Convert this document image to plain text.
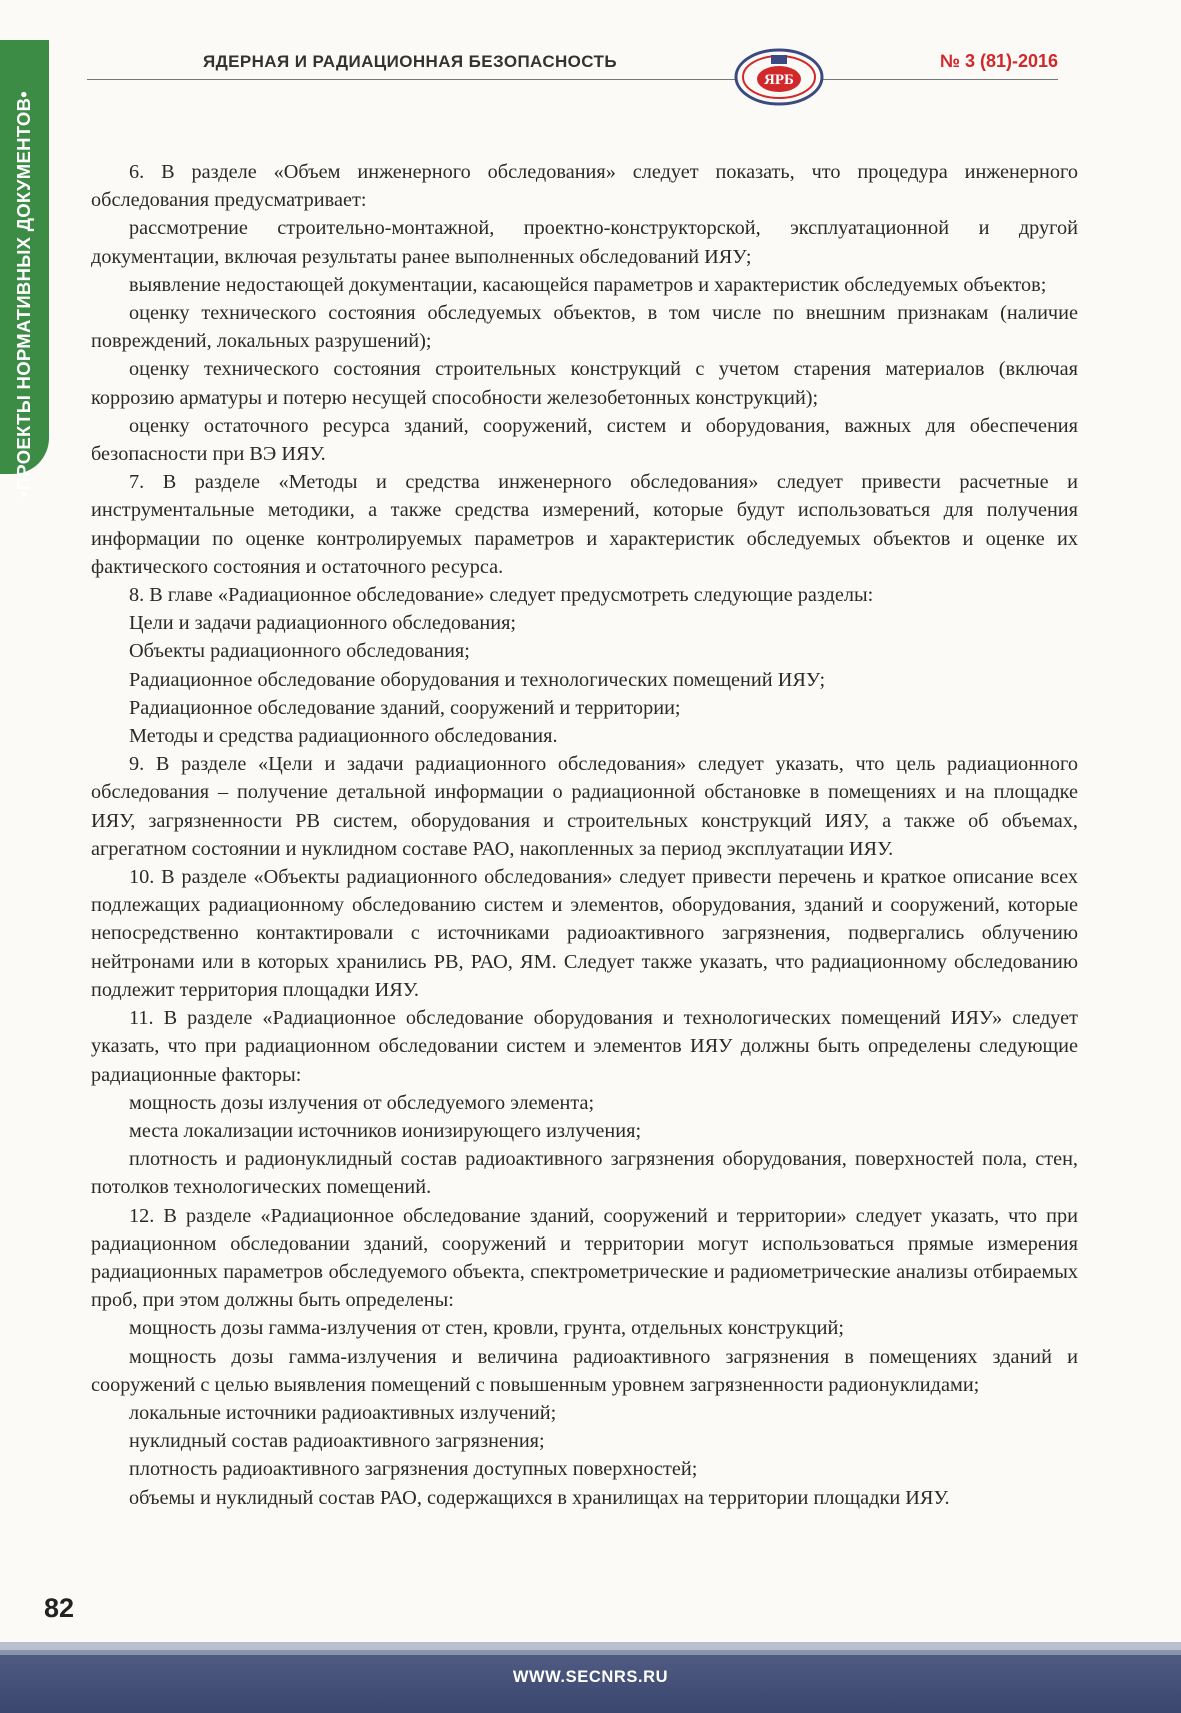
•ПРОЕКТЫ НОРМАТИВНЫХ ДОКУМЕНТОВ•
ЯДЕРНАЯ И РАДИАЦИОННАЯ БЕЗОПАСНОСТЬ
ЯРБ
№ 3 (81)-2016

6. В разделе «Объем инженерного обследования» следует показать, что процедура инженерного обследования предусматривает:

рассмотрение строительно-монтажной, проектно-конструкторской, эксплуатационной и другой документации, включая результаты ранее выполненных обследований ИЯУ;

выявление недостающей документации, касающейся параметров и характеристик обследуемых объектов;

оценку технического состояния обследуемых объектов, в том числе по внешним признакам (наличие повреждений, локальных разрушений);

оценку технического состояния строительных конструкций с учетом старения материалов (включая коррозию арматуры и потерю несущей способности железобетонных конструкций);

оценку остаточного ресурса зданий, сооружений, систем и оборудования, важных для обеспечения безопасности при ВЭ ИЯУ.

7. В разделе «Методы и средства инженерного обследования» следует привести расчетные и инструментальные методики, а также средства измерений, которые будут использоваться для получения информации по оценке контролируемых параметров и характеристик обследуемых объектов и оценке их фактического состояния и остаточного ресурса.

8. В главе «Радиационное обследование» следует предусмотреть следующие разделы:

Цели и задачи радиационного обследования;

Объекты радиационного обследования;

Радиационное обследование оборудования и технологических помещений ИЯУ;

Радиационное обследование зданий, сооружений и территории;

Методы и средства радиационного обследования.

9. В разделе «Цели и задачи радиационного обследования» следует указать, что цель радиационного обследования – получение детальной информации о радиационной обстановке в помещениях и на площадке ИЯУ, загрязненности РВ систем, оборудования и строительных конструкций ИЯУ, а также об объемах, агрегатном состоянии и нуклидном составе РАО, накопленных за период эксплуатации ИЯУ.

10. В разделе «Объекты радиационного обследования» следует привести перечень и краткое описание всех подлежащих радиационному обследованию систем и элементов, оборудования, зданий и сооружений, которые непосредственно контактировали с источниками радиоактивного загрязнения, подвергались облучению нейтронами или в которых хранились РВ, РАО, ЯМ. Следует также указать, что радиационному обследованию подлежит территория площадки ИЯУ.

11. В разделе «Радиационное обследование оборудования и технологических помещений ИЯУ» следует указать, что при радиационном обследовании систем и элементов ИЯУ должны быть определены следующие радиационные факторы:

мощность дозы излучения от обследуемого элемента;

места локализации источников ионизирующего излучения;

плотность и радионуклидный состав радиоактивного загрязнения оборудования, поверхностей пола, стен, потолков технологических помещений.

12. В разделе «Радиационное обследование зданий, сооружений и территории» следует указать, что при радиационном обследовании зданий, сооружений и территории могут использоваться прямые измерения радиационных параметров обследуемого объекта, спектрометрические и радиометрические анализы отбираемых проб, при этом должны быть определены:

мощность дозы гамма-излучения от стен, кровли, грунта, отдельных конструкций;

мощность дозы гамма-излучения и величина радиоактивного загрязнения в помещениях зданий и сооружений с целью выявления помещений с повышенным уровнем загрязненности радионуклидами;

локальные источники радиоактивных излучений;

нуклидный состав радиоактивного загрязнения;

плотность радиоактивного загрязнения доступных поверхностей;

объемы и нуклидный состав РАО, содержащихся в хранилищах на территории площадки ИЯУ.

82
WWW.SECNRS.RU
